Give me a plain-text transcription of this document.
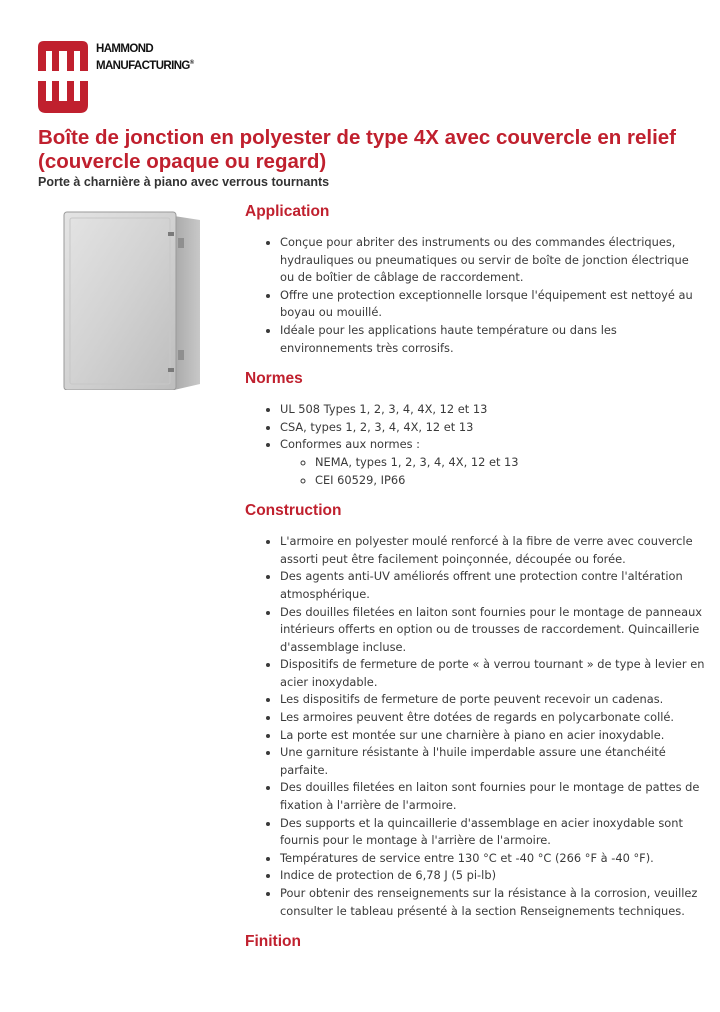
HAMMOND
MANUFACTURING®
Boîte de jonction en polyester de type 4X avec couvercle en relief (couvercle opaque ou regard)

Porte à charnière à piano avec verrous tournants

Application
• Conçue pour abriter des instruments ou des commandes électriques, hydrauliques ou pneumatiques ou servir de boîte de jonction électrique ou de boîtier de câblage de raccordement.
• Offre une protection exceptionnelle lorsque l'équipement est nettoyé au boyau ou mouillé.
• Idéale pour les applications haute température ou dans les environnements très corrosifs.
Normes
• UL 508 Types 1, 2, 3, 4, 4X, 12 et 13
• CSA, types 1, 2, 3, 4, 4X, 12 et 13
• Conformes aux normes :
◦ NEMA, types 1, 2, 3, 4, 4X, 12 et 13
◦ CEI 60529, IP66
Construction
• L'armoire en polyester moulé renforcé à la fibre de verre avec couvercle assorti peut être facilement poinçonnée, découpée ou forée.
• Des agents anti-UV améliorés offrent une protection contre l'altération atmosphérique.
• Des douilles filetées en laiton sont fournies pour le montage de panneaux intérieurs offerts en option ou de trousses de raccordement. Quincaillerie d'assemblage incluse.
• Dispositifs de fermeture de porte « à verrou tournant » de type à levier en acier inoxydable.
• Les dispositifs de fermeture de porte peuvent recevoir un cadenas.
• Les armoires peuvent être dotées de regards en polycarbonate collé.
• La porte est montée sur une charnière à piano en acier inoxydable.
• Une garniture résistante à l'huile imperdable assure une étanchéité parfaite.
• Des douilles filetées en laiton sont fournies pour le montage de pattes de fixation à l'arrière de l'armoire.
• Des supports et la quincaillerie d'assemblage en acier inoxydable sont fournis pour le montage à l'arrière de l'armoire.
• Températures de service entre 130 °C et -40 °C (266 °F à -40 °F).
• Indice de protection de 6,78 J (5 pi-lb)
• Pour obtenir des renseignements sur la résistance à la corrosion, veuillez consulter le tableau présenté à la section Renseignements techniques.
Finition
